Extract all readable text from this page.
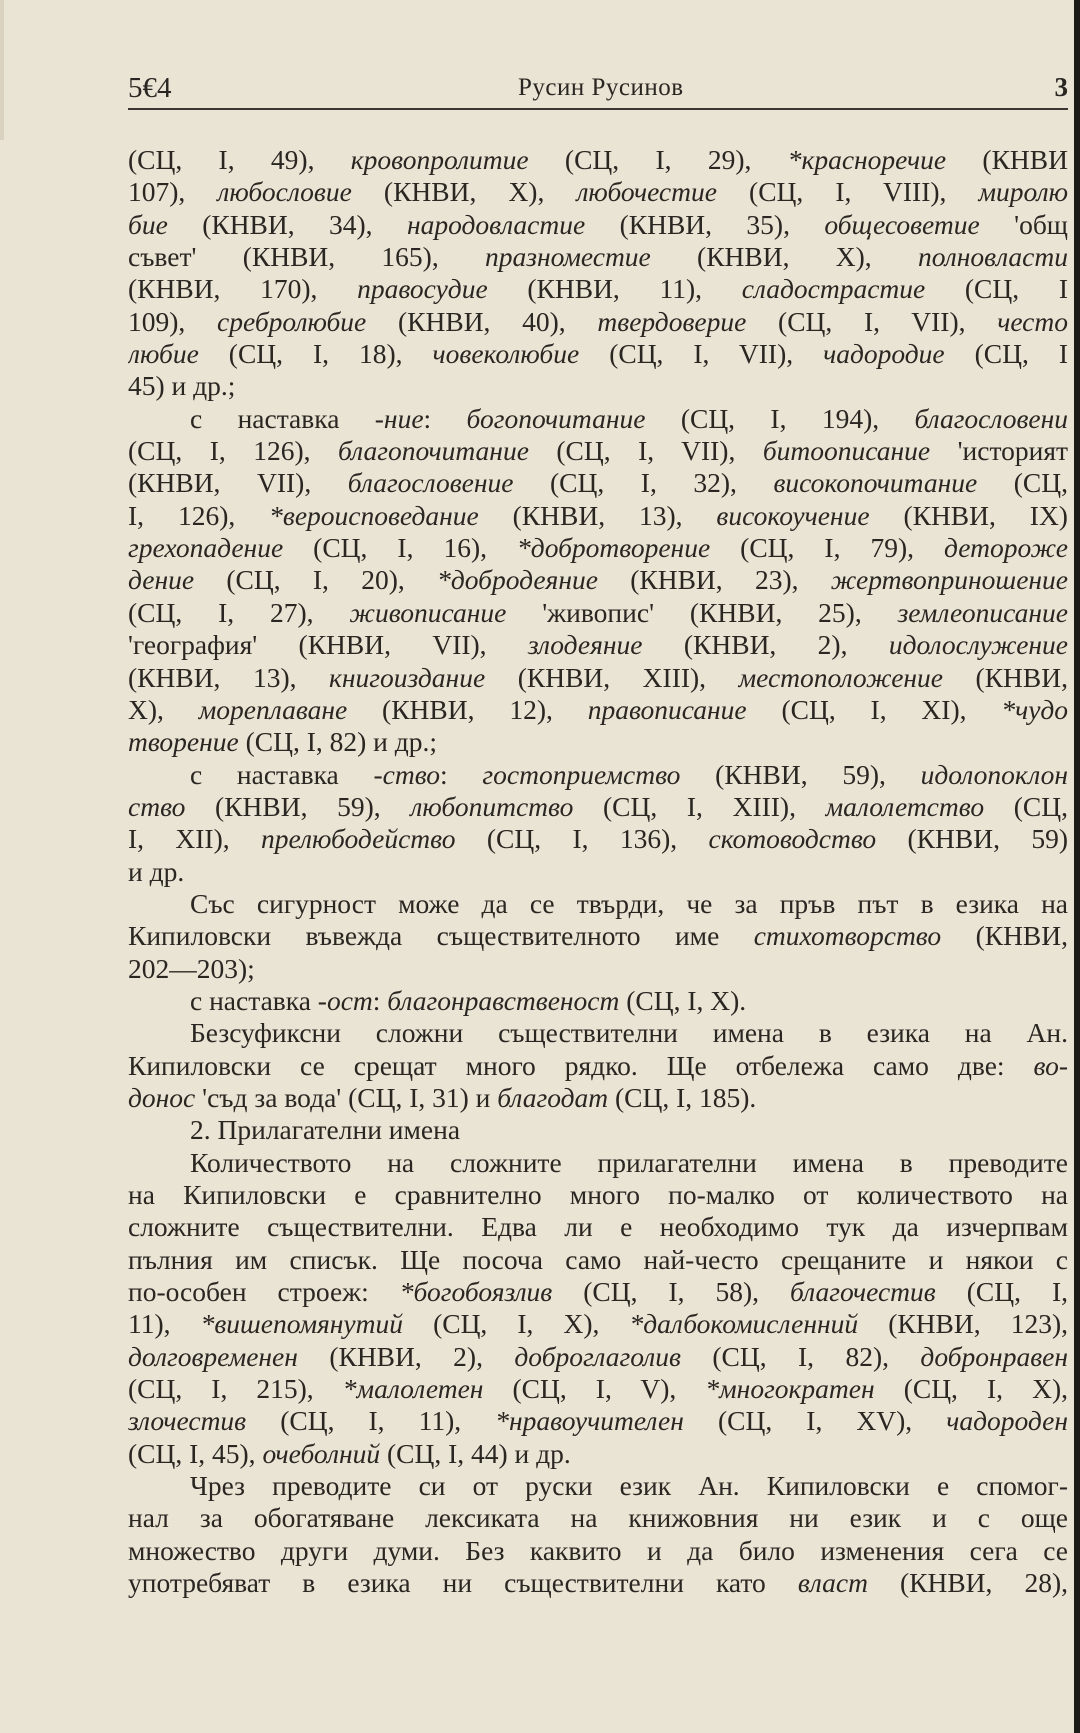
5€4	Русин Русинов	3
(СЦ, I, 49), кровопролитие (СЦ, I, 29), *красноречие (КНВИ
107), любословие (КНВИ, X), любочестие (СЦ, I, VIII), миролю
бие (КНВИ, 34), народовластие (КНВИ, 35), общесоветие 'общ
съвет' (КНВИ, 165), празноместие (КНВИ, X), полновласти
(КНВИ, 170), правосудие (КНВИ, 11), сладострастие (СЦ, I
109), сребролюбие (КНВИ, 40), твердоверие (СЦ, I, VII), често
любие (СЦ, I, 18), човеколюбие (СЦ, I, VII), чадородие (СЦ, I
45) и др.;
с наставка -ние: богопочитание (СЦ, I, 194), благословени
(СЦ, I, 126), благопочитание (СЦ, I, VII), битоописание 'историят
(КНВИ, VII), благословение (СЦ, I, 32), високопочитание (СЦ,
I, 126), *вероисповедание (КНВИ, 13), високоучение (КНВИ, IX)
грехопадение (СЦ, I, 16), *добротворение (СЦ, I, 79), детороже
дение (СЦ, I, 20), *добродеяние (КНВИ, 23), жертвоприношение
(СЦ, I, 27), живописание 'живопис' (КНВИ, 25), землеописание
'география' (КНВИ, VII), злодеяние (КНВИ, 2), идолослужение
(КНВИ, 13), книгоиздание (КНВИ, XIII), местоположение (КНВИ,
X), мореплаване (КНВИ, 12), правописание (СЦ, I, XI), *чудо
творение (СЦ, I, 82) и др.;
с наставка -ство: гостоприемство (КНВИ, 59), идолопоклон
ство (КНВИ, 59), любопитство (СЦ, I, XIII), малолетство (СЦ,
I, XII), прелюбодейство (СЦ, I, 136), скотоводство (КНВИ, 59)
и др.
Със сигурност може да се твърди, че за пръв път в езика на
Кипиловски въвежда съществителното име стихотворство (КНВИ,
202—203);
с наставка -ост: благонравственост (СЦ, I, X).
Безсуфиксни сложни съществителни имена в езика на Ан.
Кипиловски се срещат много рядко. Ще отбележа само две: во-
донос 'съд за вода' (СЦ, I, 31) и благодат (СЦ, I, 185).
2. Прилагателни имена
Количеството на сложните прилагателни имена в преводите
на Кипиловски е сравнително много по-малко от количеството на
сложните съществителни. Едва ли е необходимо тук да изчерпвам
пълния им списък. Ще посоча само най-често срещаните и някои с
по-особен строеж: *богобоязлив (СЦ, I, 58), благочестив (СЦ, I,
11), *вишепомянутий (СЦ, I, X), *далбокомисленний (КНВИ, 123),
долговременен (КНВИ, 2), доброглаголив (СЦ, I, 82), добронравен
(СЦ, I, 215), *малолетен (СЦ, I, V), *многократен (СЦ, I, X),
злочестив (СЦ, I, 11), *нравоучителен (СЦ, I, XV), чадороден
(СЦ, I, 45), очеболний (СЦ, I, 44) и др.
Чрез преводите си от руски език Ан. Кипиловски е спомог-
нал за обогатяване лексиката на книжовния ни език и с още
множество други думи. Без каквито и да било изменения сега се
употребяват в езика ни съществителни като власт (КНВИ, 28),
